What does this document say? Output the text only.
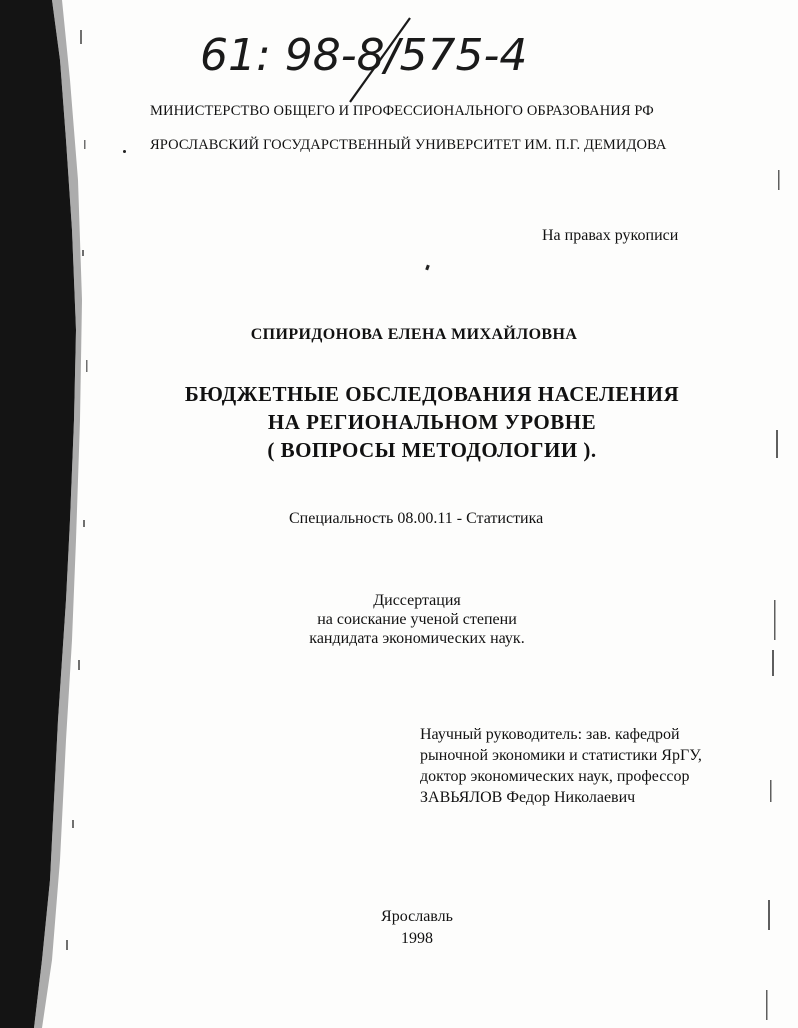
61: 98-8/575-4
МИНИСТЕРСТВО ОБЩЕГО И ПРОФЕССИОНАЛЬНОГО ОБРАЗОВАНИЯ РФ
ЯРОСЛАВСКИЙ ГОСУДАРСТВЕННЫЙ УНИВЕРСИТЕТ ИМ. П.Г. ДЕМИДОВА
На правах рукописи
СПИРИДОНОВА ЕЛЕНА МИХАЙЛОВНА
БЮДЖЕТНЫЕ ОБСЛЕДОВАНИЯ НАСЕЛЕНИЯ
НА РЕГИОНАЛЬНОМ УРОВНЕ
( ВОПРОСЫ МЕТОДОЛОГИИ ).
Специальность 08.00.11 - Статистика
Диссертация
на соискание ученой степени
кандидата экономических наук.
Научный руководитель: зав. кафедрой
рыночной экономики и статистики ЯрГУ,
доктор экономических наук, профессор
ЗАВЬЯЛОВ Федор Николаевич
Ярославль
1998
